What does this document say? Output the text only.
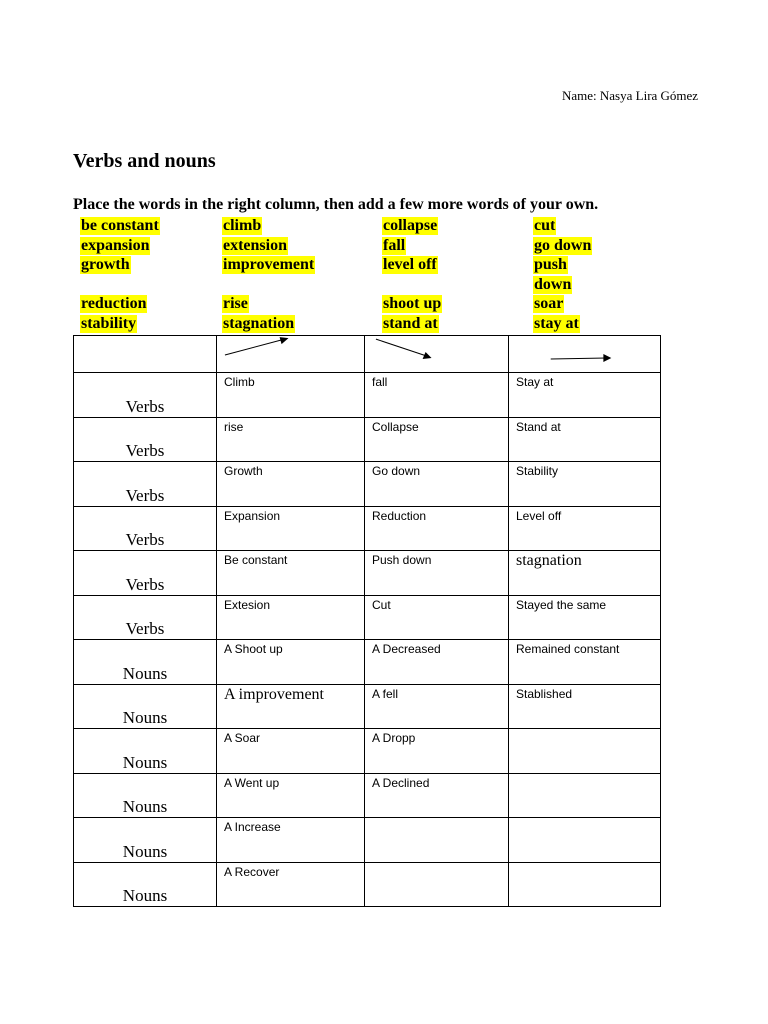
Name: Nasya Lira Gómez
Verbs and nouns

Place the words in the right column, then add a few more words of your own.

be constant	climb	collapse	cut
expansion	extension	fall	go down
growth	improvement	level off	push
down
reduction	rise	shoot up	soar
stability	stagnation	stand at	stay at

Verbs	Climb	fall	Stay at

Verbs	rise	Collapse	Stand at

Verbs	Growth	Go down	Stability

Verbs	Expansion	Reduction	Level off

Verbs	Be constant	Push down	stagnation

Verbs	Extesion	Cut	Stayed the same

Nouns	A Shoot up	A Decreased	Remained constant

Nouns	A improvement	A fell	Stablished

Nouns	A Soar	A Dropp	

Nouns	A Went up	A Declined	

Nouns	A Increase		

Nouns	A Recover		
